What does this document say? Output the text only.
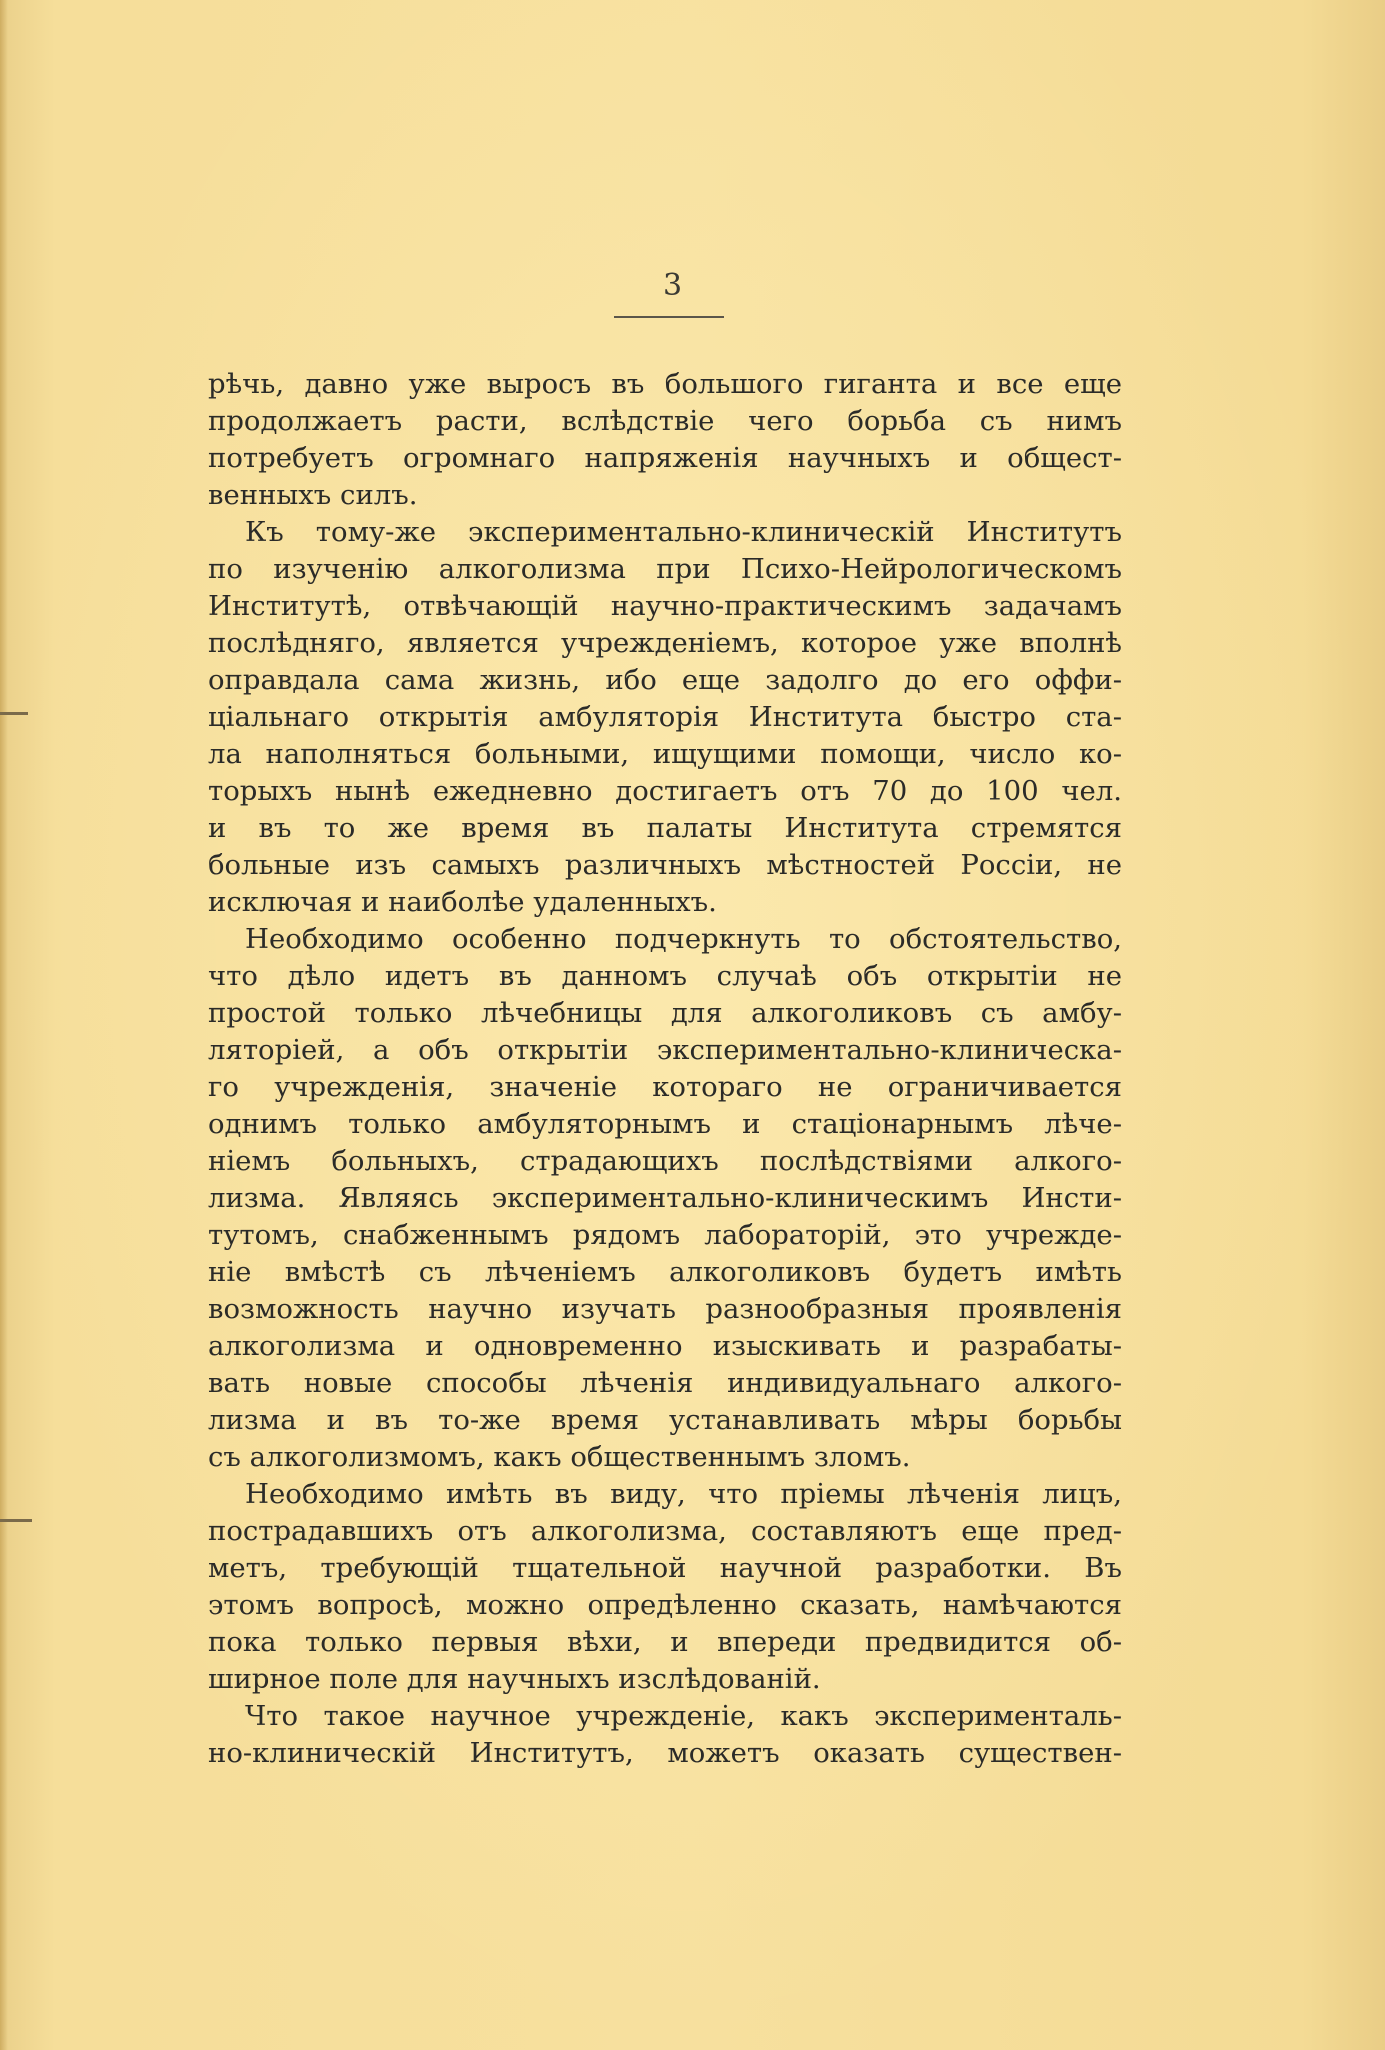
3
рѣчь, давно уже выросъ въ большого гиганта и все еще
продолжаетъ расти, вслѣдствіе чего борьба съ нимъ
потребуетъ огромнаго напряженія научныхъ и общест-
венныхъ силъ.
Къ тому-же экспериментально-клиническій Институтъ
по изученію алкоголизма при Психо-Нейрологическомъ
Институтѣ, отвѣчающій научно-практическимъ задачамъ
послѣдняго, является учрежденіемъ, которое уже вполнѣ
оправдала сама жизнь, ибо еще задолго до его оффи-
ціальнаго открытія амбуляторія Института быстро ста-
ла наполняться больными, ищущими помощи, число ко-
торыхъ нынѣ ежедневно достигаетъ отъ 70 до 100 чел.
и въ то же время въ палаты Института стремятся
больные изъ самыхъ различныхъ мѣстностей Россіи, не
исключая и наиболѣе удаленныхъ.
Необходимо особенно подчеркнуть то обстоятельство,
что дѣло идетъ въ данномъ случаѣ объ открытіи не
простой только лѣчебницы для алкоголиковъ съ амбу-
ляторіей, а объ открытіи экспериментально-клиническа-
го учрежденія, значеніе котораго не ограничивается
однимъ только амбуляторнымъ и стаціонарнымъ лѣче-
ніемъ больныхъ, страдающихъ послѣдствіями алкого-
лизма. Являясь экспериментально-клиническимъ Инсти-
тутомъ, снабженнымъ рядомъ лабораторій, это учрежде-
ніе вмѣстѣ съ лѣченіемъ алкоголиковъ будетъ имѣть
возможность научно изучать разнообразныя проявленія
алкоголизма и одновременно изыскивать и разрабаты-
вать новые способы лѣченія индивидуальнаго алкого-
лизма и въ то-же время устанавливать мѣры борьбы
съ алкоголизмомъ, какъ общественнымъ зломъ.
Необходимо имѣть въ виду, что пріемы лѣченія лицъ,
пострадавшихъ отъ алкоголизма, составляютъ еще пред-
метъ, требующій тщательной научной разработки. Въ
этомъ вопросѣ, можно опредѣленно сказать, намѣчаются
пока только первыя вѣхи, и впереди предвидится об-
ширное поле для научныхъ изслѣдованій.
Что такое научное учрежденіе, какъ эксперименталь-
но-клиническій Институтъ, можетъ оказать существен-
